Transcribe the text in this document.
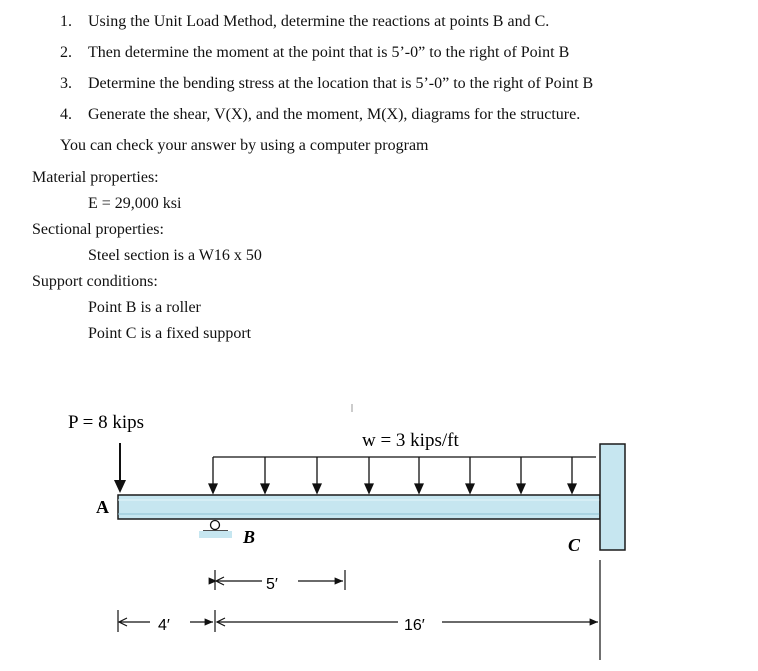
1. Using the Unit Load Method, determine the reactions at points B and C.
2. Then determine the moment at the point that is 5’-0” to the right of Point B
3. Determine the bending stress at the location that is 5’-0” to the right of Point B
4. Generate the shear, V(X), and the moment, M(X), diagrams for the structure.
You can check your answer by using a computer program
Material properties:
E = 29,000 ksi
Sectional properties:
Steel section is a W16 x 50
Support conditions:
Point B is a roller
Point C is a fixed support
P = 8 kips
w = 3 kips/ft
A
B	C
5′
4′	16′
